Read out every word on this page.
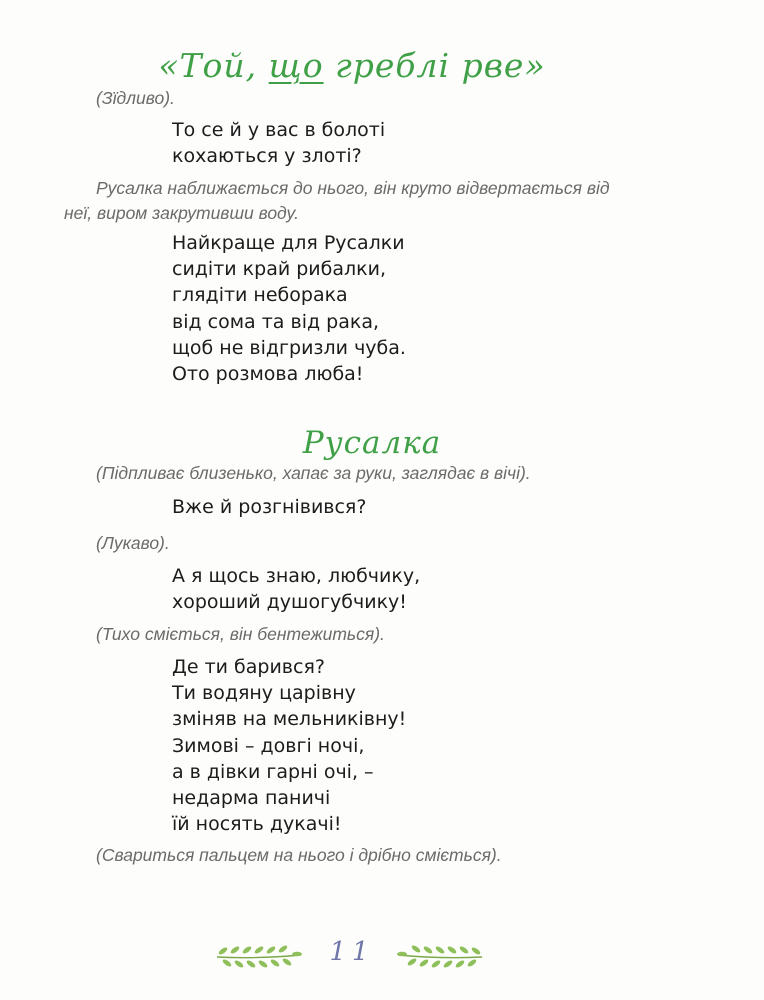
«Той, що греблі рве»
(Зїдливо).
То се й у вас в болоті
кохаються у злоті?
Русалка наближається до нього, він круто відвертається від
неї, виром закрутивши воду.
Найкраще для Русалки
сидіти край рибалки,
глядіти неборака
від сома та від рака,
щоб не відгризли чуба.
Ото розмова люба!
Русалка
(Підпливає близенько, хапає за руки, заглядає в вічі).
Вже й розгнівився?
(Лукаво).
А я щось знаю, любчику,
хороший душогубчику!
(Тихо сміється, він бентежиться).
Де ти барився?
Ти водяну царівну
зміняв на мельниківну!
Зимові – довгі ночі,
а в дівки гарні очі, –
недарма паничі
їй носять дукачі!
(Свариться пальцем на нього і дрібно сміється).
11
